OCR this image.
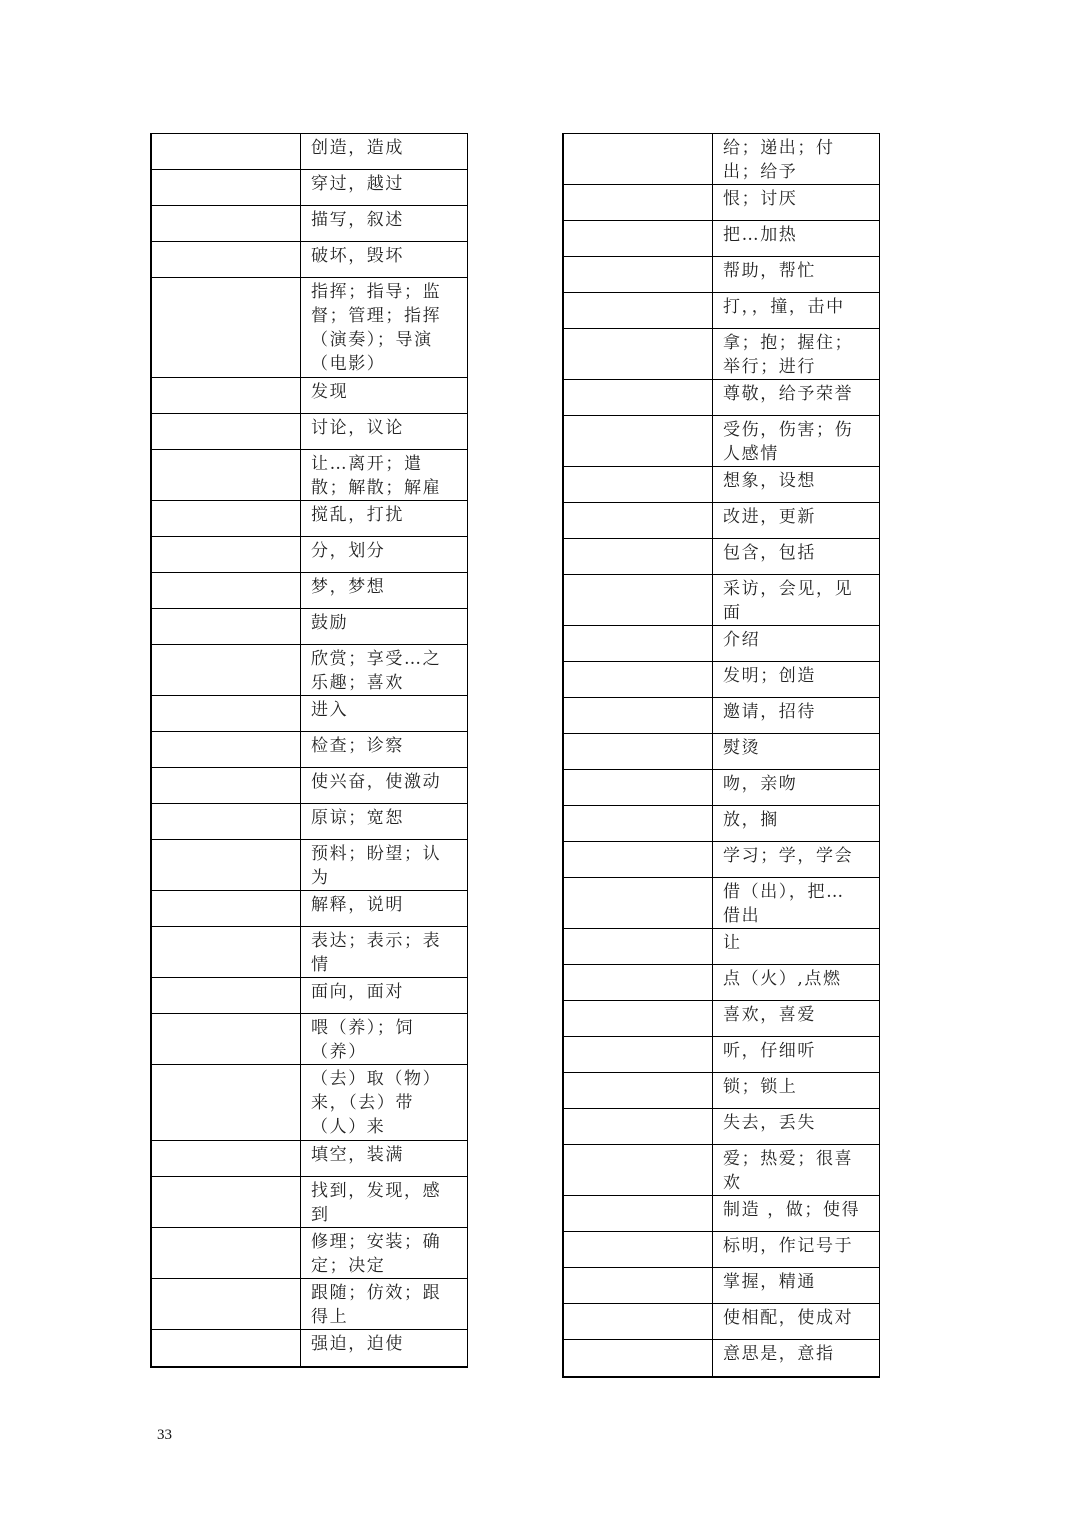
创造，造成
穿过，越过
描写，叙述
破坏，毁坏
指挥；指导；监
督；管理；指挥
（演奏）；导演
（电影）
发现
讨论，议论
让…离开；遣
散；解散；解雇
搅乱，打扰
分，划分
梦，梦想
鼓励
欣赏；享受…之
乐趣；喜欢
进入
检查；诊察
使兴奋，使激动
原谅；宽恕
预料；盼望；认
为
解释，说明
表达；表示；表
情
面向，面对
喂（养）；饲
（养）
（去）取（物）
来，（去）带
（人）来
填空，装满
找到，发现，感
到
修理；安装；确
定；决定
跟随；仿效；跟
得上
强迫，迫使
给；递出；付
出；给予
恨；讨厌
把…加热
帮助，帮忙
打，，撞，击中
拿；抱；握住；
举行；进行
尊敬，给予荣誉
受伤，伤害；伤
人感情
想象，设想
改进，更新
包含，包括
采访，会见，见
面
介绍
发明；创造
邀请，招待
熨烫
吻，亲吻
放，搁
学习；学，学会
借（出），把…
借出
让
点（火）,点燃
喜欢，喜爱
听，仔细听
锁；锁上
失去，丢失
爱；热爱；很喜
欢
制造 ，做；使得
标明，作记号于
掌握，精通
使相配，使成对
意思是，意指
33
